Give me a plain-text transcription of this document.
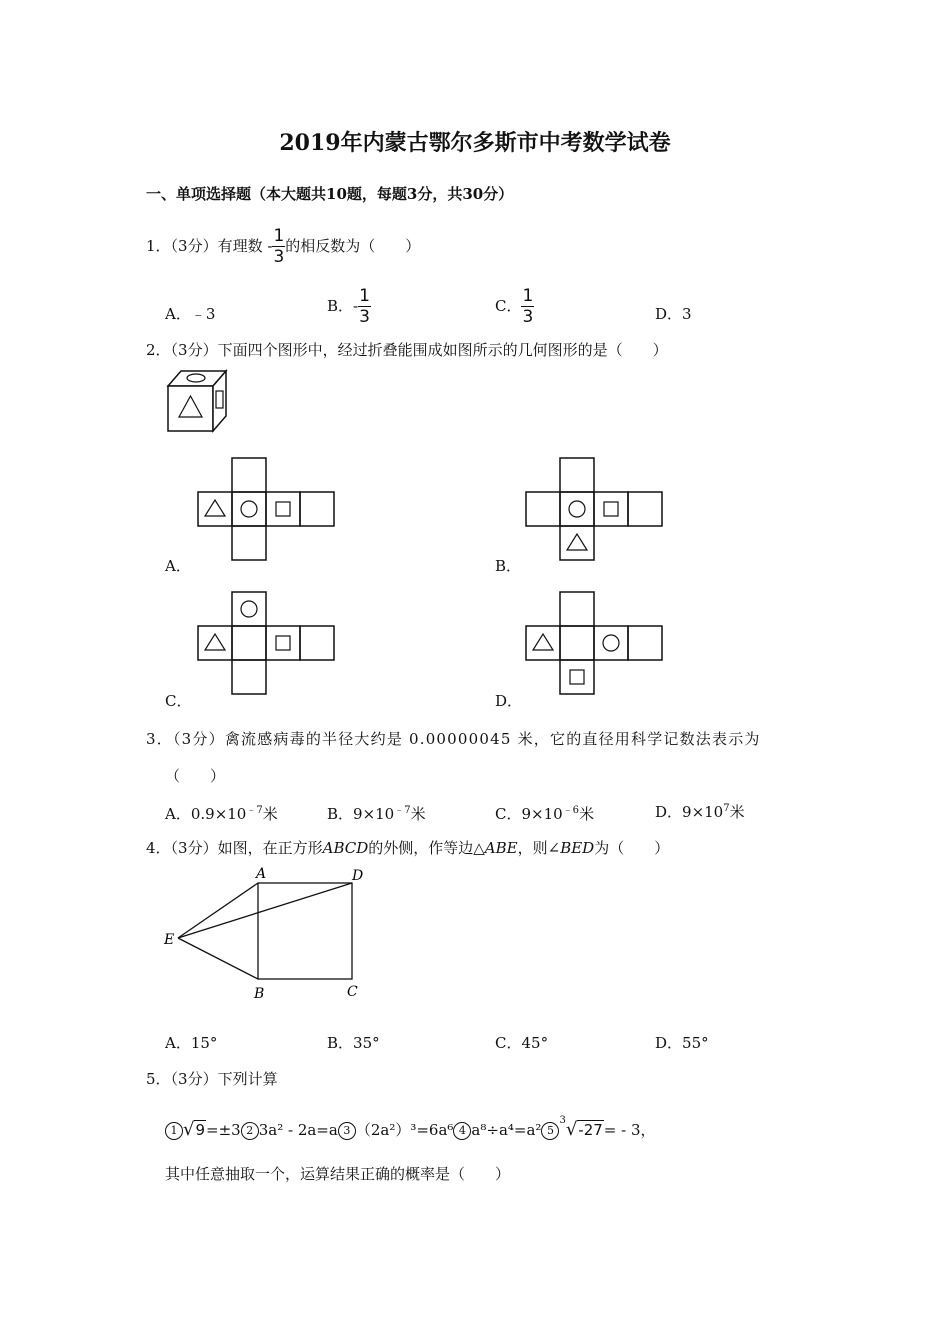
2019年内蒙古鄂尔多斯市中考数学试卷
一、单项选择题（本大题共10题，每题3分，共30分）
1．（3分）有理数 - $\frac{1}{3}$ 的相反数为（　　）
A．﹣3	B．- $\frac{1}{3}$	C． $\frac{1}{3}$	D．3
2．（3分）下面四个图形中，经过折叠能围成如图所示的几何图形的是（　　）
A．	B．
C．	D．
3．（3分）禽流感病毒的半径大约是 0.00000045 米，它的直径用科学记数法表示为
（　　）
A．$0.9\times 10^{﹣7}$米	B．$9\times 10^{﹣7}$米	C．$9\times 10^{﹣6}$米	D．$9\times 10^7$米
4．（3分）如图，在正方形ABCD的外侧，作等边△ABE，则∠BED为（　　）
A	D
E
B	C
A．15°	B．35°	C．45°	D．55°
5．（3分）下列计算
1 √9=±3 2 3a² - 2a=a 3 （2a²）³=6a⁶ 4 a⁸÷a⁴=a² $5^3√-27= - 3$，
其中任意抽取一个，运算结果正确的概率是（　　）
